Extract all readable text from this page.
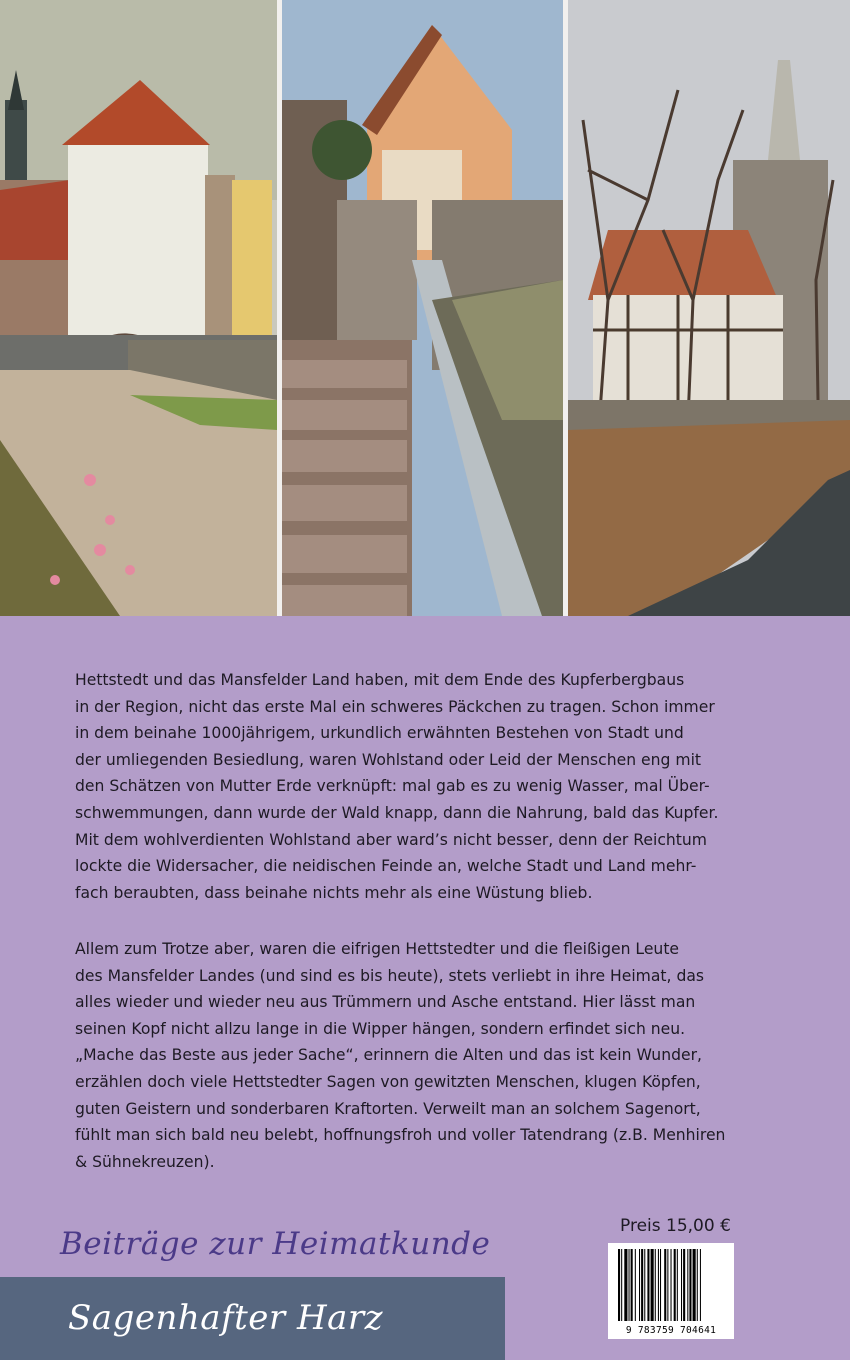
Hettstedt und das Mansfelder Land haben, mit dem Ende des Kupferbergbaus

in der Region, nicht das erste Mal ein schweres Päckchen zu tragen. Schon immer

in dem beinahe 1000jährigem, urkundlich erwähnten Bestehen von Stadt und

der umliegenden Besiedlung, waren Wohlstand oder Leid der Menschen eng mit

den Schätzen von Mutter Erde verknüpft: mal gab es zu wenig Wasser, mal Über-

schwemmungen, dann wurde der Wald knapp, dann die Nahrung, bald das Kupfer.

Mit dem wohlverdienten Wohlstand aber ward’s nicht besser, denn der Reichtum

lockte die Widersacher, die neidischen Feinde an, welche Stadt und Land mehr-

fach beraubten, dass beinahe nichts mehr als eine Wüstung blieb.

Allem zum Trotze aber, waren die eifrigen Hettstedter und die fleißigen Leute

des Mansfelder Landes (und sind es bis heute), stets verliebt in ihre Heimat, das

alles wieder und wieder neu aus Trümmern und Asche entstand. Hier lässt man

seinen Kopf nicht allzu lange in die Wipper hängen, sondern erfindet sich neu.

„Mache das Beste aus jeder Sache“, erinnern die Alten und das ist kein Wunder,

erzählen doch viele Hettstedter Sagen von gewitzten Menschen, klugen Köpfen,

guten Geistern und sonderbaren Kraftorten. Verweilt man an solchem Sagenort,

fühlt man sich bald neu belebt, hoffnungsfroh und voller Tatendrang (z.B. Menhiren

& Sühnekreuzen).

Beiträge zur Heimatkunde
Sagenhafter Harz
Preis 15,00 €
9 783759 704641
